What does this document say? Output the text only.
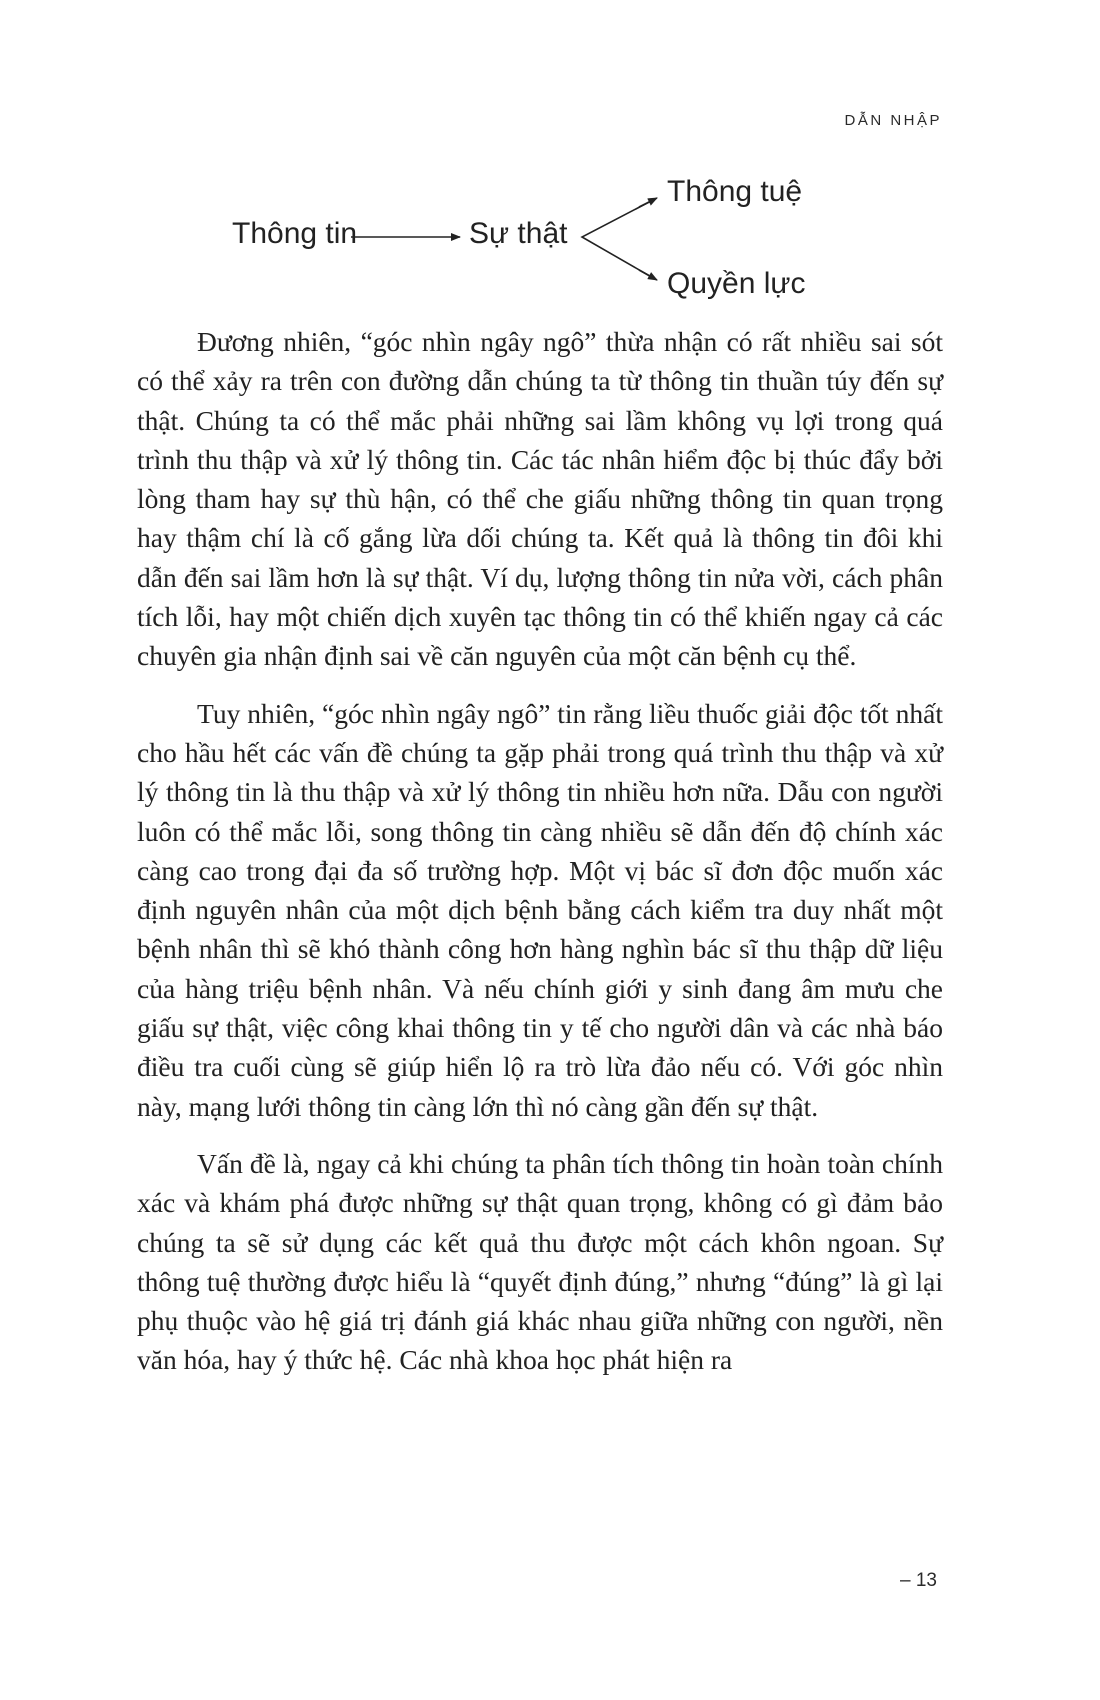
DẪN NHẬP
Thông tin	Sự thật
Thông tuệ
Quyền lực

Đương nhiên, “góc nhìn ngây ngô” thừa nhận có rất nhiều sai sót có thể xảy ra trên con đường dẫn chúng ta từ thông tin thuần túy đến sự thật. Chúng ta có thể mắc phải những sai lầm không vụ lợi trong quá trình thu thập và xử lý thông tin. Các tác nhân hiểm độc bị thúc đẩy bởi lòng tham hay sự thù hận, có thể che giấu những thông tin quan trọng hay thậm chí là cố gắng lừa dối chúng ta. Kết quả là thông tin đôi khi dẫn đến sai lầm hơn là sự thật. Ví dụ, lượng thông tin nửa vời, cách phân tích lỗi, hay một chiến dịch xuyên tạc thông tin có thể khiến ngay cả các chuyên gia nhận định sai về căn nguyên của một căn bệnh cụ thể.

Tuy nhiên, “góc nhìn ngây ngô” tin rằng liều thuốc giải độc tốt nhất cho hầu hết các vấn đề chúng ta gặp phải trong quá trình thu thập và xử lý thông tin là thu thập và xử lý thông tin nhiều hơn nữa. Dẫu con người luôn có thể mắc lỗi, song thông tin càng nhiều sẽ dẫn đến độ chính xác càng cao trong đại đa số trường hợp. Một vị bác sĩ đơn độc muốn xác định nguyên nhân của một dịch bệnh bằng cách kiểm tra duy nhất một bệnh nhân thì sẽ khó thành công hơn hàng nghìn bác sĩ thu thập dữ liệu của hàng triệu bệnh nhân. Và nếu chính giới y sinh đang âm mưu che giấu sự thật, việc công khai thông tin y tế cho người dân và các nhà báo điều tra cuối cùng sẽ giúp hiển lộ ra trò lừa đảo nếu có. Với góc nhìn này, mạng lưới thông tin càng lớn thì nó càng gần đến sự thật.

Vấn đề là, ngay cả khi chúng ta phân tích thông tin hoàn toàn chính xác và khám phá được những sự thật quan trọng, không có gì đảm bảo chúng ta sẽ sử dụng các kết quả thu được một cách khôn ngoan. Sự thông tuệ thường được hiểu là “quyết định đúng,” nhưng “đúng” là gì lại phụ thuộc vào hệ giá trị đánh giá khác nhau giữa những con người, nền văn hóa, hay ý thức hệ. Các nhà khoa học phát hiện ra

– 13
